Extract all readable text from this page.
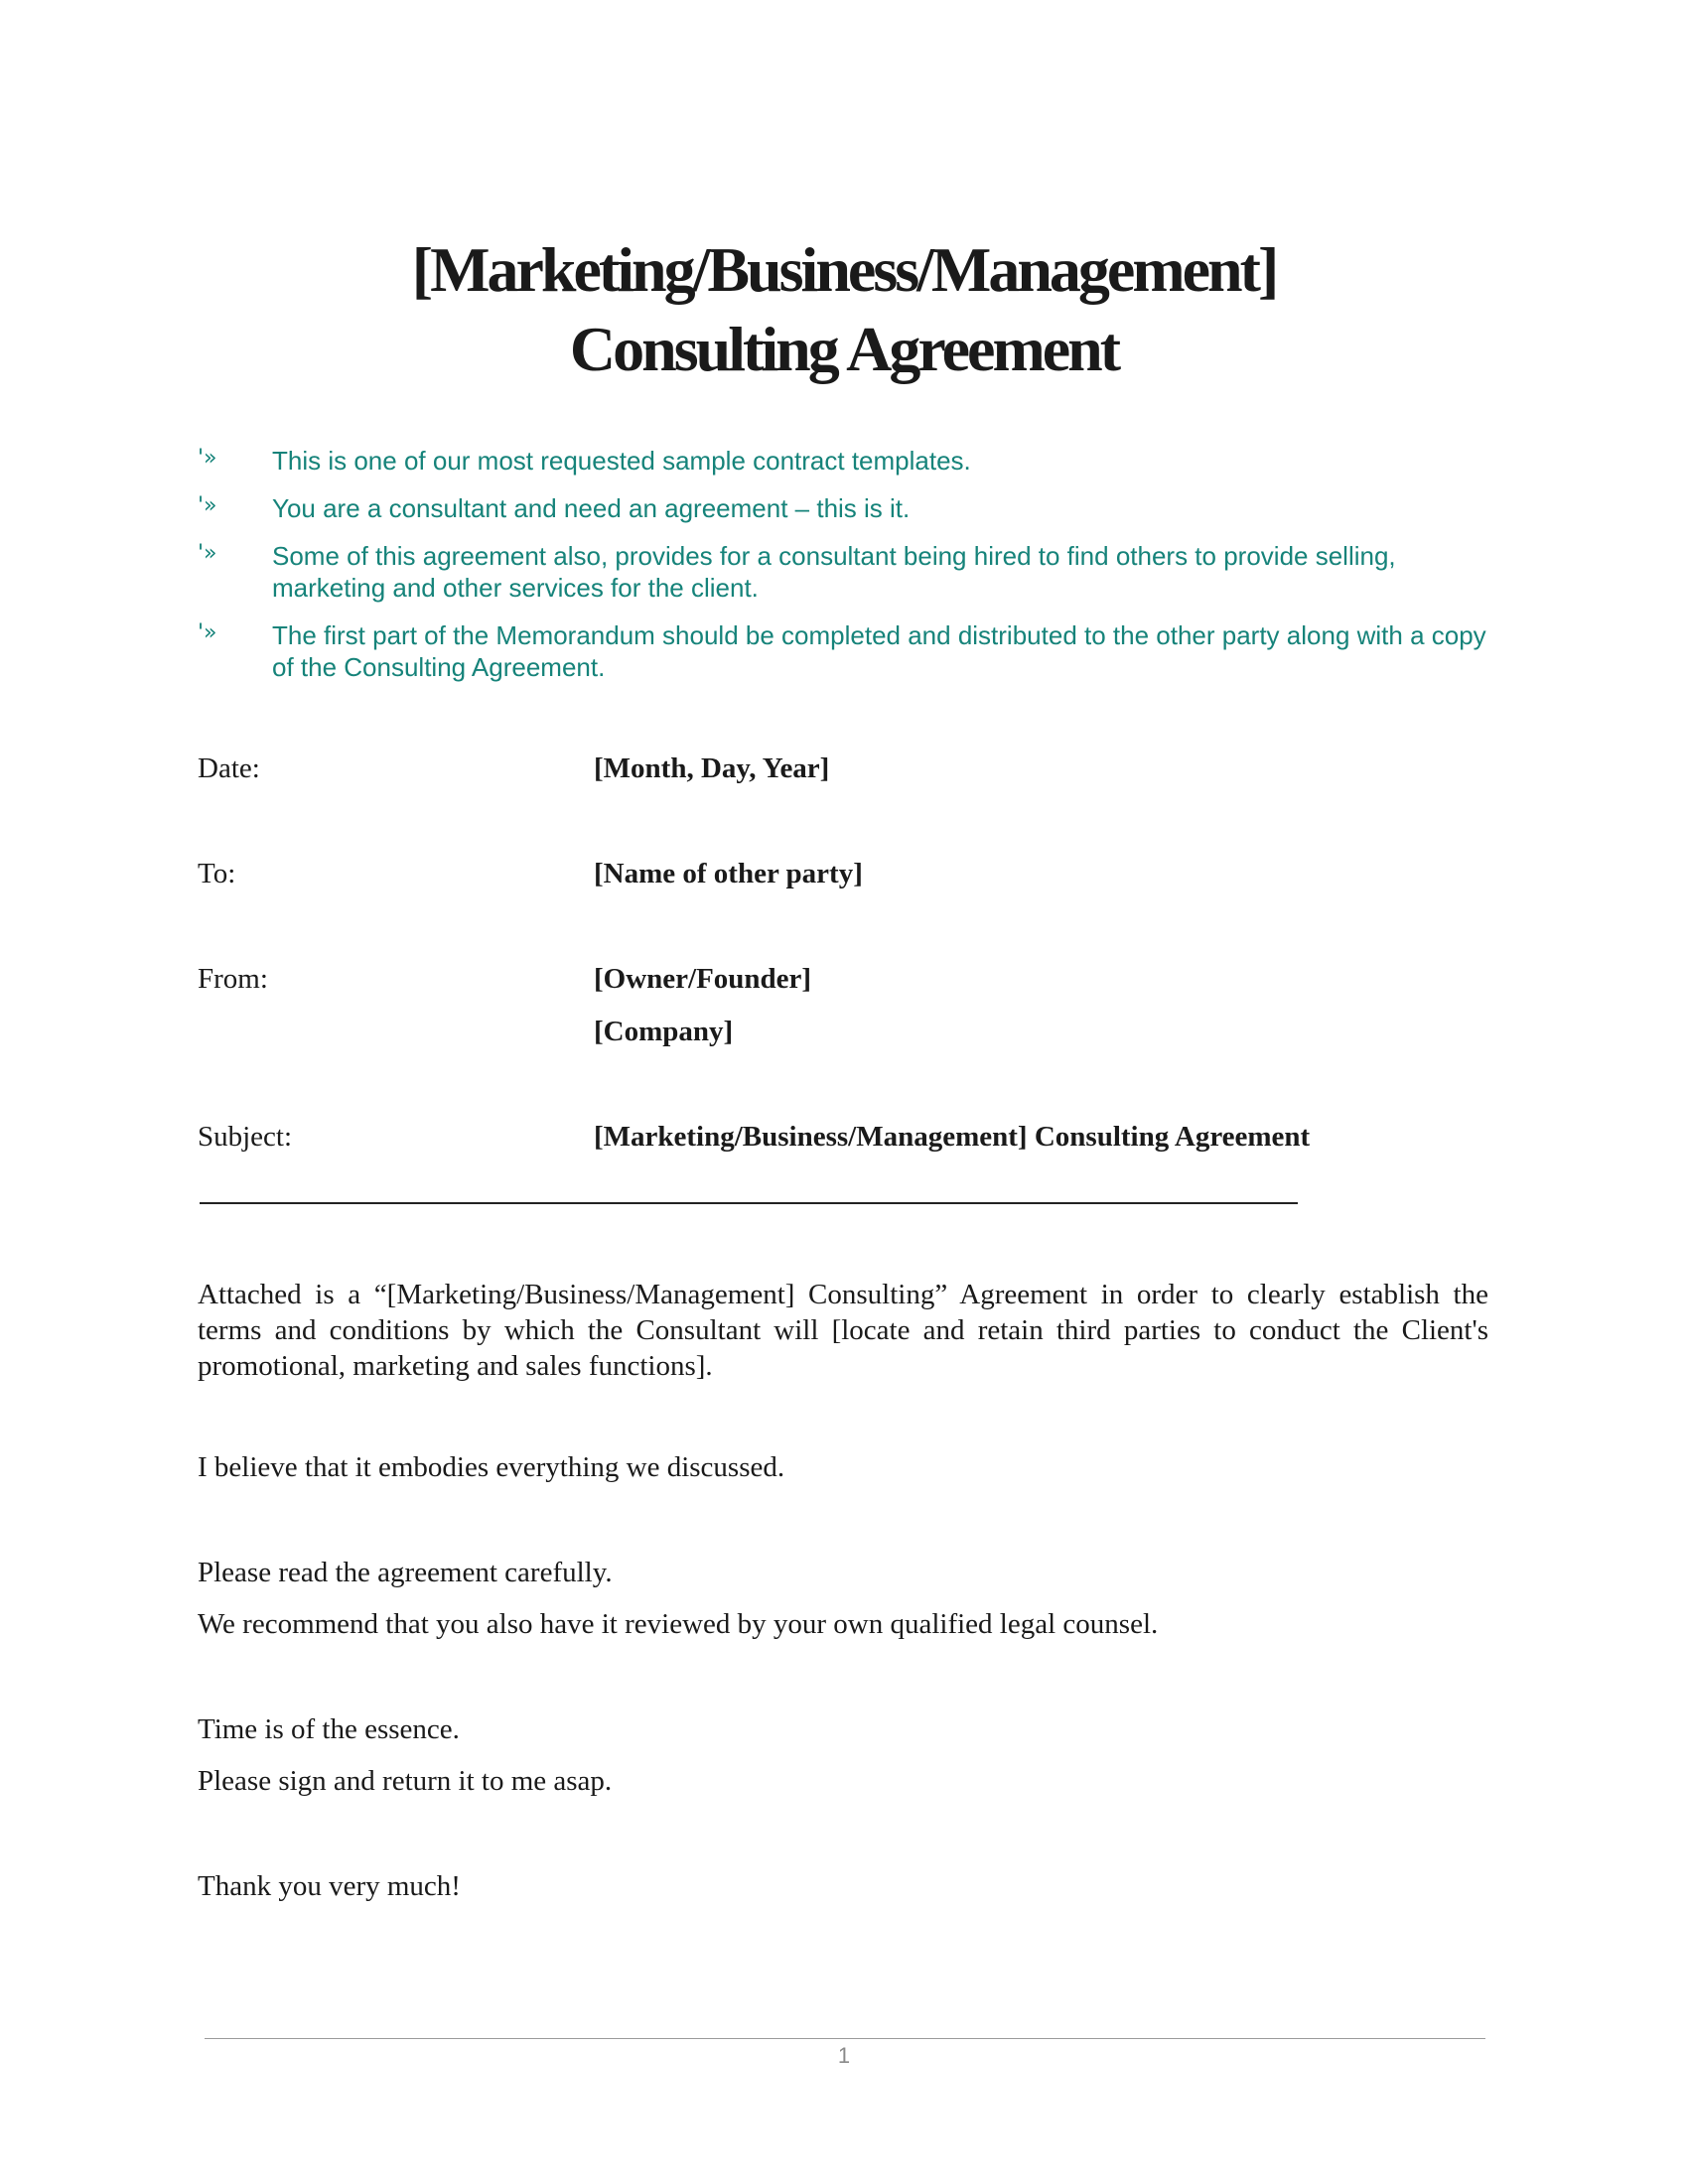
[Marketing/Business/Management]
Consulting Agreement
'»	This is one of our most requested sample contract templates.
'»	You are a consultant and need an agreement – this is it.
'»	Some of this agreement also, provides for a consultant being hired to find others to provide selling, marketing and other services for the client.
'»	The first part of the Memorandum should be completed and distributed to the other party along with a copy of the Consulting Agreement.
Date:	[Month, Day, Year]
To:	[Name of other party]
From:	[Owner/Founder]
[Company]
Subject:	[Marketing/Business/Management] Consulting Agreement
Attached is a “[Marketing/Business/Management] Consulting” Agreement in order to clearly establish the terms and conditions by which the Consultant will [locate and retain third parties to conduct the Client's promotional, marketing and sales functions].
I believe that it embodies everything we discussed.
Please read the agreement carefully.
We recommend that you also have it reviewed by your own qualified legal counsel.
Time is of the essence.
Please sign and return it to me asap.
Thank you very much!
1
